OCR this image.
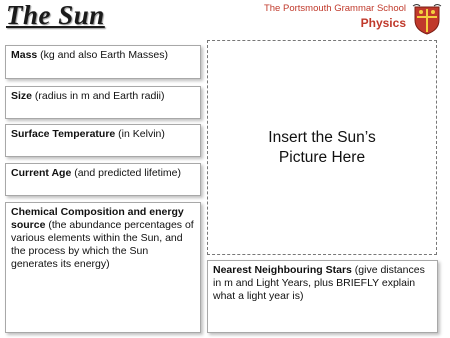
The Sun	The Portsmouth Grammar School
Physics
Mass (kg and also Earth Masses)
Size (radius in m and Earth radii)
Surface Temperature (in Kelvin)
Current Age (and predicted lifetime)
Chemical Composition and energy source (the abundance percentages of various elements within the Sun, and the process by which the Sun generates its energy)
Insert the Sun’s
Picture Here
Nearest Neighbouring Stars (give distances in m and Light Years, plus BRIEFLY explain what a light year is)
